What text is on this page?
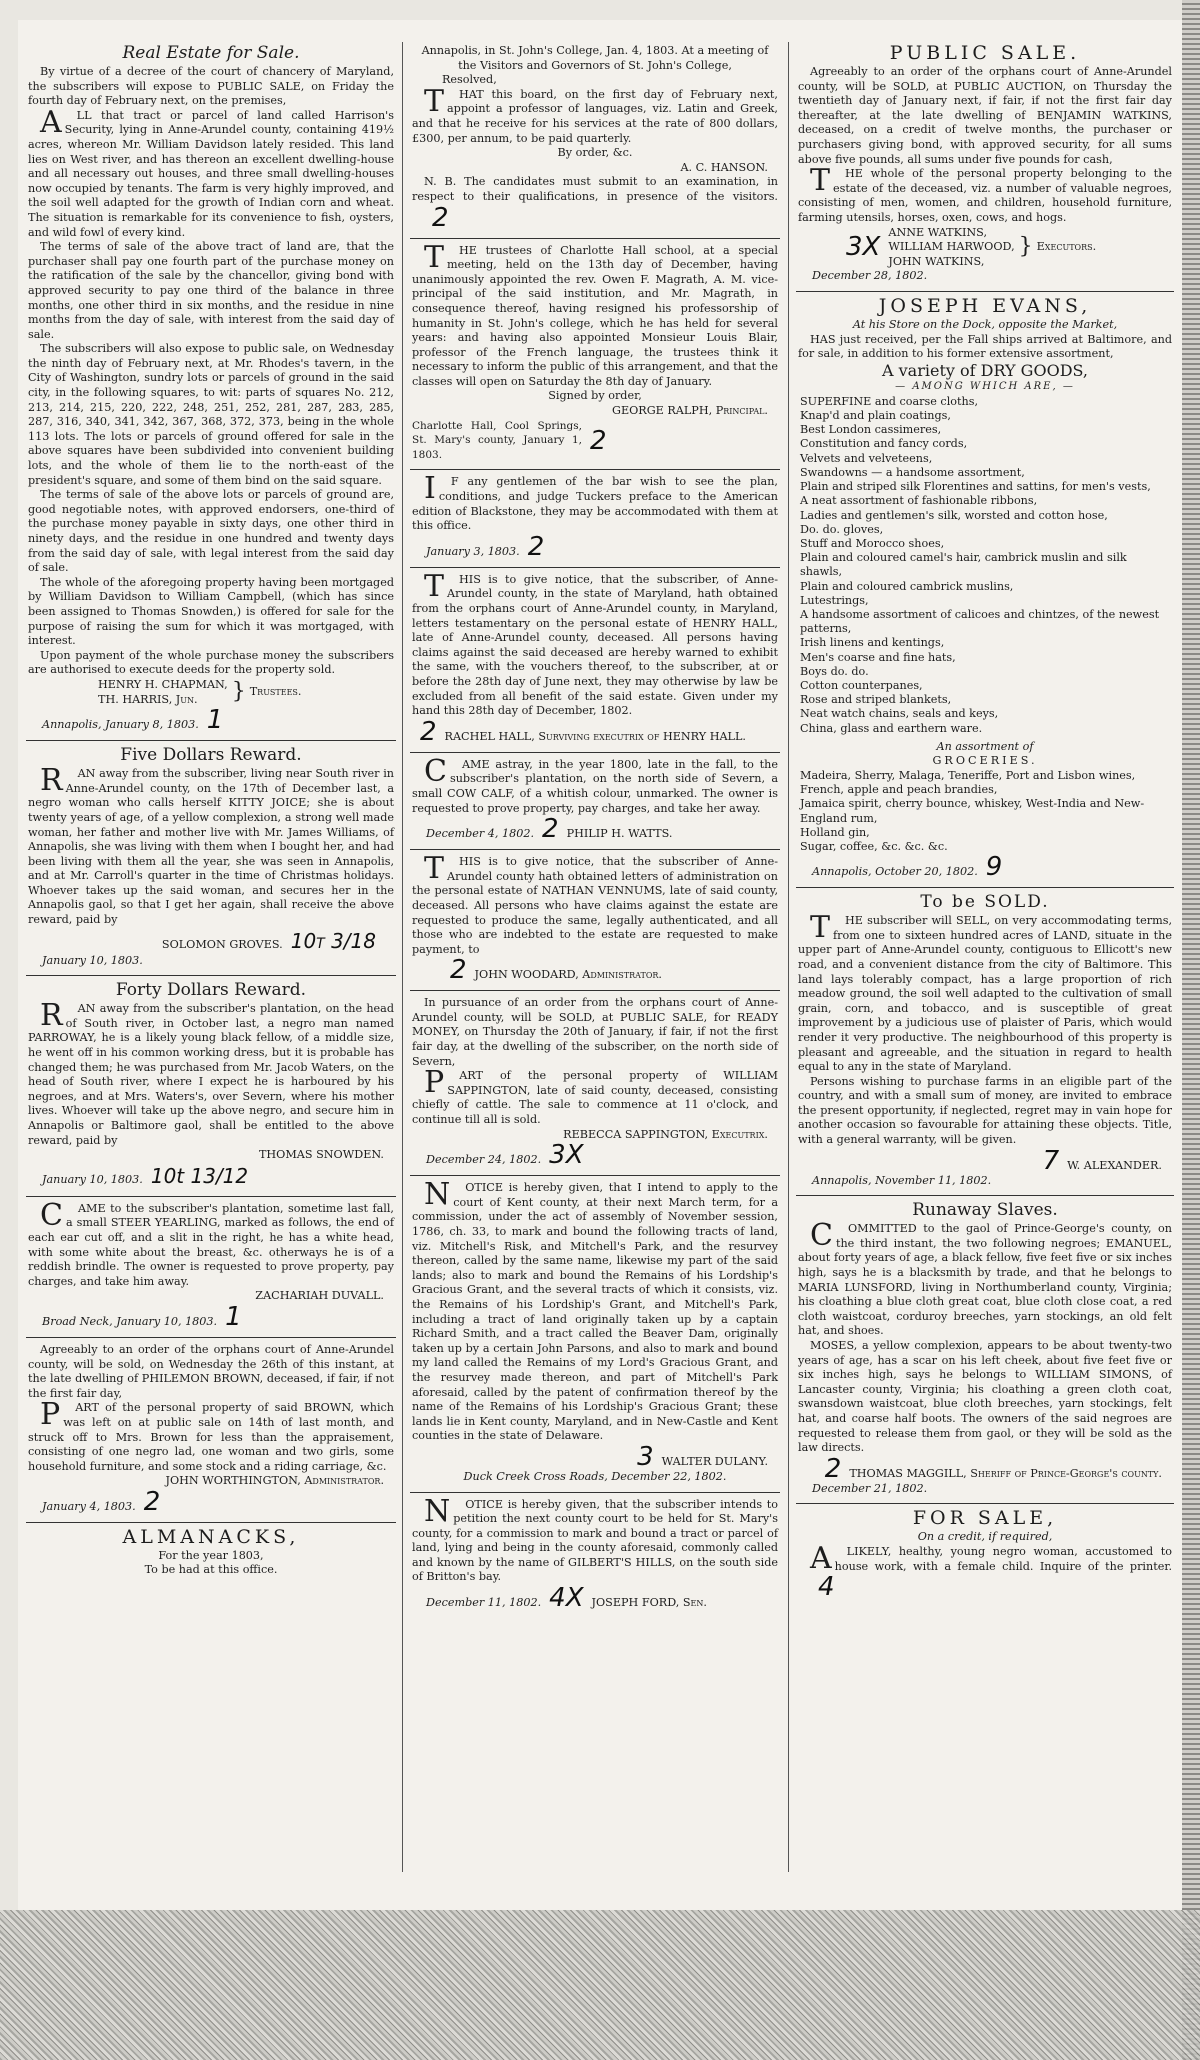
Real Estate for Sale.

By virtue of a decree of the court of chancery of Maryland, the subscribers will expose to PUBLIC SALE, on Friday the fourth day of February next, on the premises,

ALL that tract or parcel of land called Harrison's Security, lying in Anne-Arundel county, containing 419½ acres, whereon Mr. William Davidson lately resided. This land lies on West river, and has thereon an excellent dwelling-house and all necessary out houses, and three small dwelling-houses now occupied by tenants. The farm is very highly improved, and the soil well adapted for the growth of Indian corn and wheat. The situation is remarkable for its convenience to fish, oysters, and wild fowl of every kind.

The terms of sale of the above tract of land are, that the purchaser shall pay one fourth part of the purchase money on the ratification of the sale by the chancellor, giving bond with approved security to pay one third of the balance in three months, one other third in six months, and the residue in nine months from the day of sale, with interest from the said day of sale.

The subscribers will also expose to public sale, on Wednesday the ninth day of February next, at Mr. Rhodes's tavern, in the City of Washington, sundry lots or parcels of ground in the said city, in the following squares, to wit: parts of squares No. 212, 213, 214, 215, 220, 222, 248, 251, 252, 281, 287, 283, 285, 287, 316, 340, 341, 342, 367, 368, 372, 373, being in the whole 113 lots. The lots or parcels of ground offered for sale in the above squares have been subdivided into convenient building lots, and the whole of them lie to the north-east of the president's square, and some of them bind on the said square.

The terms of sale of the above lots or parcels of ground are, good negotiable notes, with approved endorsers, one-third of the purchase money payable in sixty days, one other third in ninety days, and the residue in one hundred and twenty days from the said day of sale, with legal interest from the said day of sale.

The whole of the aforegoing property having been mortgaged by William Davidson to William Campbell, (which has since been assigned to Thomas Snowden,) is offered for sale for the purpose of raising the sum for which it was mortgaged, with interest.

Upon payment of the whole purchase money the subscribers are authorised to execute deeds for the property sold.

HENRY H. CHAPMAN,
TH. HARRIS, Jun.	} Trustees.
Annapolis, January 8, 1803. 1
Five Dollars Reward.

RAN away from the subscriber, living near South river in Anne-Arundel county, on the 17th of December last, a negro woman who calls herself KITTY JOICE; she is about twenty years of age, of a yellow complexion, a strong well made woman, her father and mother live with Mr. James Williams, of Annapolis, she was living with them when I bought her, and had been living with them all the year, she was seen in Annapolis, and at Mr. Carroll's quarter in the time of Christmas holidays. Whoever takes up the said woman, and secures her in the Annapolis gaol, so that I get her again, shall receive the above reward, paid by

SOLOMON GROVES. 10t 3/18
January 10, 1803.
Forty Dollars Reward.

RAN away from the subscriber's plantation, on the head of South river, in October last, a negro man named PARROWAY, he is a likely young black fellow, of a middle size, he went off in his common working dress, but it is probable has changed them; he was purchased from Mr. Jacob Waters, on the head of South river, where I expect he is harboured by his negroes, and at Mrs. Waters's, over Severn, where his mother lives. Whoever will take up the above negro, and secure him in Annapolis or Baltimore gaol, shall be entitled to the above reward, paid by

THOMAS SNOWDEN.
January 10, 1803. 10t 13/12

CAME to the subscriber's plantation, sometime last fall, a small STEER YEARLING, marked as follows, the end of each ear cut off, and a slit in the right, he has a white head, with some white about the breast, &c. otherways he is of a reddish brindle. The owner is requested to prove property, pay charges, and take him away.

ZACHARIAH DUVALL.
Broad Neck, January 10, 1803. 1

Agreeably to an order of the orphans court of Anne-Arundel county, will be sold, on Wednesday the 26th of this instant, at the late dwelling of PHILEMON BROWN, deceased, if fair, if not the first fair day,

PART of the personal property of said BROWN, which was left on at public sale on 14th of last month, and struck off to Mrs. Brown for less than the appraisement, consisting of one negro lad, one woman and two girls, some household furniture, and some stock and a riding carriage, &c.

JOHN WORTHINGTON, Administrator.
January 4, 1803. 2
ALMANACKS,
For the year 1803,
To be had at this office.

Annapolis, in St. John's College, Jan. 4, 1803. At a meeting of the Visitors and Governors of St. John's College,

Resolved,

THAT this board, on the first day of February next, appoint a professor of languages, viz. Latin and Greek, and that he receive for his services at the rate of 800 dollars, £300, per annum, to be paid quarterly.

By order, &c.
A. C. HANSON.

N. B. The candidates must submit to an examination, in respect to their qualifications, in presence of the visitors.2

THE trustees of Charlotte Hall school, at a special meeting, held on the 13th day of December, having unanimously appointed the rev. Owen F. Magrath, A. M. vice-principal of the said institution, and Mr. Magrath, in consequence thereof, having resigned his professorship of humanity in St. John's college, which he has held for several years: and having also appointed Monsieur Louis Blair, professor of the French language, the trustees think it necessary to inform the public of this arrangement, and that the classes will open on Saturday the 8th day of January.

Signed by order,
GEORGE RALPH, Principal.
Charlotte Hall, Cool Springs, St. Mary's county, January 1, 1803.	2

IF any gentlemen of the bar wish to see the plan, conditions, and judge Tuckers preface to the American edition of Blackstone, they may be accommodated with them at this office.

January 3, 1803. 2

THIS is to give notice, that the subscriber, of Anne-Arundel county, in the state of Maryland, hath obtained from the orphans court of Anne-Arundel county, in Maryland, letters testamentary on the personal estate of HENRY HALL, late of Anne-Arundel county, deceased. All persons having claims against the said deceased are hereby warned to exhibit the same, with the vouchers thereof, to the subscriber, at or before the 28th day of June next, they may otherwise by law be excluded from all benefit of the said estate. Given under my hand this 28th day of December, 1802.

2 RACHEL HALL, Surviving executrix of HENRY HALL.

CAME astray, in the year 1800, late in the fall, to the subscriber's plantation, on the north side of Severn, a small COW CALF, of a whitish colour, unmarked. The owner is requested to prove property, pay charges, and take her away.

December 4, 1802. 2 PHILIP H. WATTS.

THIS is to give notice, that the subscriber of Anne-Arundel county hath obtained letters of administration on the personal estate of NATHAN VENNUMS, late of said county, deceased. All persons who have claims against the estate are requested to produce the same, legally authenticated, and all those who are indebted to the estate are requested to make payment, to

2 JOHN WOODARD, Administrator.

In pursuance of an order from the orphans court of Anne-Arundel county, will be SOLD, at PUBLIC SALE, for READY MONEY, on Thursday the 20th of January, if fair, if not the first fair day, at the dwelling of the subscriber, on the north side of Severn,

PART of the personal property of WILLIAM SAPPINGTON, late of said county, deceased, consisting chiefly of cattle. The sale to commence at 11 o'clock, and continue till all is sold.

REBECCA SAPPINGTON, Executrix.
December 24, 1802. 3X

NOTICE is hereby given, that I intend to apply to the court of Kent county, at their next March term, for a commission, under the act of assembly of November session, 1786, ch. 33, to mark and bound the following tracts of land, viz. Mitchell's Risk, and Mitchell's Park, and the resurvey thereon, called by the same name, likewise my part of the said lands; also to mark and bound the Remains of his Lordship's Gracious Grant, and the several tracts of which it consists, viz. the Remains of his Lordship's Grant, and Mitchell's Park, including a tract of land originally taken up by a captain Richard Smith, and a tract called the Beaver Dam, originally taken up by a certain John Parsons, and also to mark and bound my land called the Remains of my Lord's Gracious Grant, and the resurvey made thereon, and part of Mitchell's Park aforesaid, called by the patent of confirmation thereof by the name of the Remains of his Lordship's Gracious Grant; these lands lie in Kent county, Maryland, and in New-Castle and Kent counties in the state of Delaware.

3 WALTER DULANY.
Duck Creek Cross Roads, December 22, 1802.

NOTICE is hereby given, that the subscriber intends to petition the next county court to be held for St. Mary's county, for a commission to mark and bound a tract or parcel of land, lying and being in the county aforesaid, commonly called and known by the name of GILBERT'S HILLS, on the south side of Britton's bay.

December 11, 1802. 4X JOSEPH FORD, Sen.
PUBLIC SALE.

Agreeably to an order of the orphans court of Anne-Arundel county, will be SOLD, at PUBLIC AUCTION, on Thursday the twentieth day of January next, if fair, if not the first fair day thereafter, at the late dwelling of BENJAMIN WATKINS, deceased, on a credit of twelve months, the purchaser or purchasers giving bond, with approved security, for all sums above five pounds, all sums under five pounds for cash,

THE whole of the personal property belonging to the estate of the deceased, viz. a number of valuable negroes, consisting of men, women, and children, household furniture, farming utensils, horses, oxen, cows, and hogs.

3X
ANNE WATKINS,
WILLIAM HARWOOD,
JOHN WATKINS,
} Executors.
December 28, 1802.
JOSEPH EVANS,
At his Store on the Dock, opposite the Market,

HAS just received, per the Fall ships arrived at Baltimore, and for sale, in addition to his former extensive assortment,

A variety of DRY GOODS,
— AMONG WHICH ARE, —
SUPERFINE and coarse cloths,
Knap'd and plain coatings,
Best London cassimeres,
Constitution and fancy cords,
Velvets and velveteens,
Swandowns — a handsome assortment,
Plain and striped silk Florentines and sattins, for men's vests,
A neat assortment of fashionable ribbons,
Ladies and gentlemen's silk, worsted and cotton hose,
Do. do. gloves,
Stuff and Morocco shoes,
Plain and coloured camel's hair, cambrick muslin and silk shawls,
Plain and coloured cambrick muslins,
Lutestrings,
A handsome assortment of calicoes and chintzes, of the newest patterns,
Irish linens and kentings,
Men's coarse and fine hats,
Boys do. do.
Cotton counterpanes,
Rose and striped blankets,
Neat watch chains, seals and keys,
China, glass and earthern ware.
An assortment of
GROCERIES.
Madeira, Sherry, Malaga, Teneriffe, Port and Lisbon wines,
French, apple and peach brandies,
Jamaica spirit, cherry bounce, whiskey, West-India and New-England rum,
Holland gin,
Sugar, coffee, &c. &c. &c.
Annapolis, October 20, 1802. 9
To be SOLD.

THE subscriber will SELL, on very accommodating terms, from one to sixteen hundred acres of LAND, situate in the upper part of Anne-Arundel county, contiguous to Ellicott's new road, and a convenient distance from the city of Baltimore. This land lays tolerably compact, has a large proportion of rich meadow ground, the soil well adapted to the cultivation of small grain, corn, and tobacco, and is susceptible of great improvement by a judicious use of plaister of Paris, which would render it very productive. The neighbourhood of this property is pleasant and agreeable, and the situation in regard to health equal to any in the state of Maryland.

Persons wishing to purchase farms in an eligible part of the country, and with a small sum of money, are invited to embrace the present opportunity, if neglected, regret may in vain hope for another occasion so favourable for attaining these objects. Title, with a general warranty, will be given.

7 W. ALEXANDER.
Annapolis, November 11, 1802.
Runaway Slaves.

COMMITTED to the gaol of Prince-George's county, on the third instant, the two following negroes; EMANUEL, about forty years of age, a black fellow, five feet five or six inches high, says he is a blacksmith by trade, and that he belongs to MARIA LUNSFORD, living in Northumberland county, Virginia; his cloathing a blue cloth great coat, blue cloth close coat, a red cloth waistcoat, corduroy breeches, yarn stockings, an old felt hat, and shoes.

MOSES, a yellow complexion, appears to be about twenty-two years of age, has a scar on his left cheek, about five feet five or six inches high, says he belongs to WILLIAM SIMONS, of Lancaster county, Virginia; his cloathing a green cloth coat, swansdown waistcoat, blue cloth breeches, yarn stockings, felt hat, and coarse half boots. The owners of the said negroes are requested to release them from gaol, or they will be sold as the law directs.

2 THOMAS MAGGILL, Sheriff of Prince-George's county.
December 21, 1802.
FOR SALE,
On a credit, if required,

ALIKELY, healthy, young negro woman, accustomed to house work, with a female child. Inquire of the printer.4
